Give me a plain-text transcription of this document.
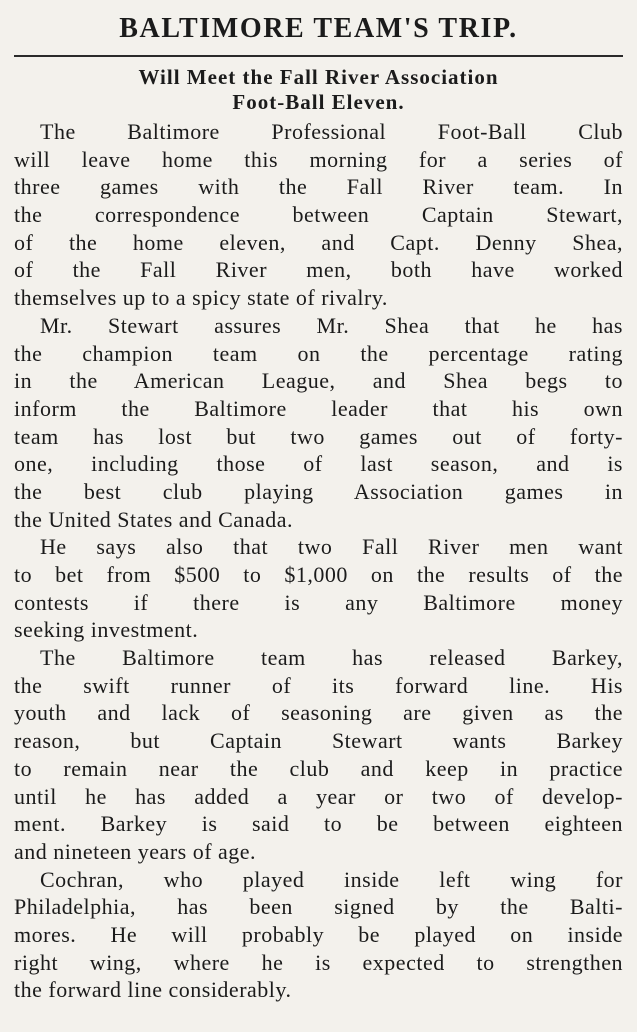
BALTIMORE TEAM'S TRIP.
Will Meet the Fall River Association
Foot-Ball Eleven.
The Baltimore Professional Foot-Ball Club
will leave home this morning for a series of
three games with the Fall River team. In
the correspondence between Captain Stewart,
of the home eleven, and Capt. Denny Shea,
of the Fall River men, both have worked
themselves up to a spicy state of rivalry.
Mr. Stewart assures Mr. Shea that he has
the champion team on the percentage rating
in the American League, and Shea begs to
inform the Baltimore leader that his own
team has lost but two games out of forty-
one, including those of last season, and is
the best club playing Association games in
the United States and Canada.
He says also that two Fall River men want
to bet from $500 to $1,000 on the results of the
contests if there is any Baltimore money
seeking investment.
The Baltimore team has released Barkey,
the swift runner of its forward line. His
youth and lack of seasoning are given as the
reason, but Captain Stewart wants Barkey
to remain near the club and keep in practice
until he has added a year or two of develop-
ment. Barkey is said to be between eighteen
and nineteen years of age.
Cochran, who played inside left wing for
Philadelphia, has been signed by the Balti-
mores. He will probably be played on inside
right wing, where he is expected to strengthen
the forward line considerably.
